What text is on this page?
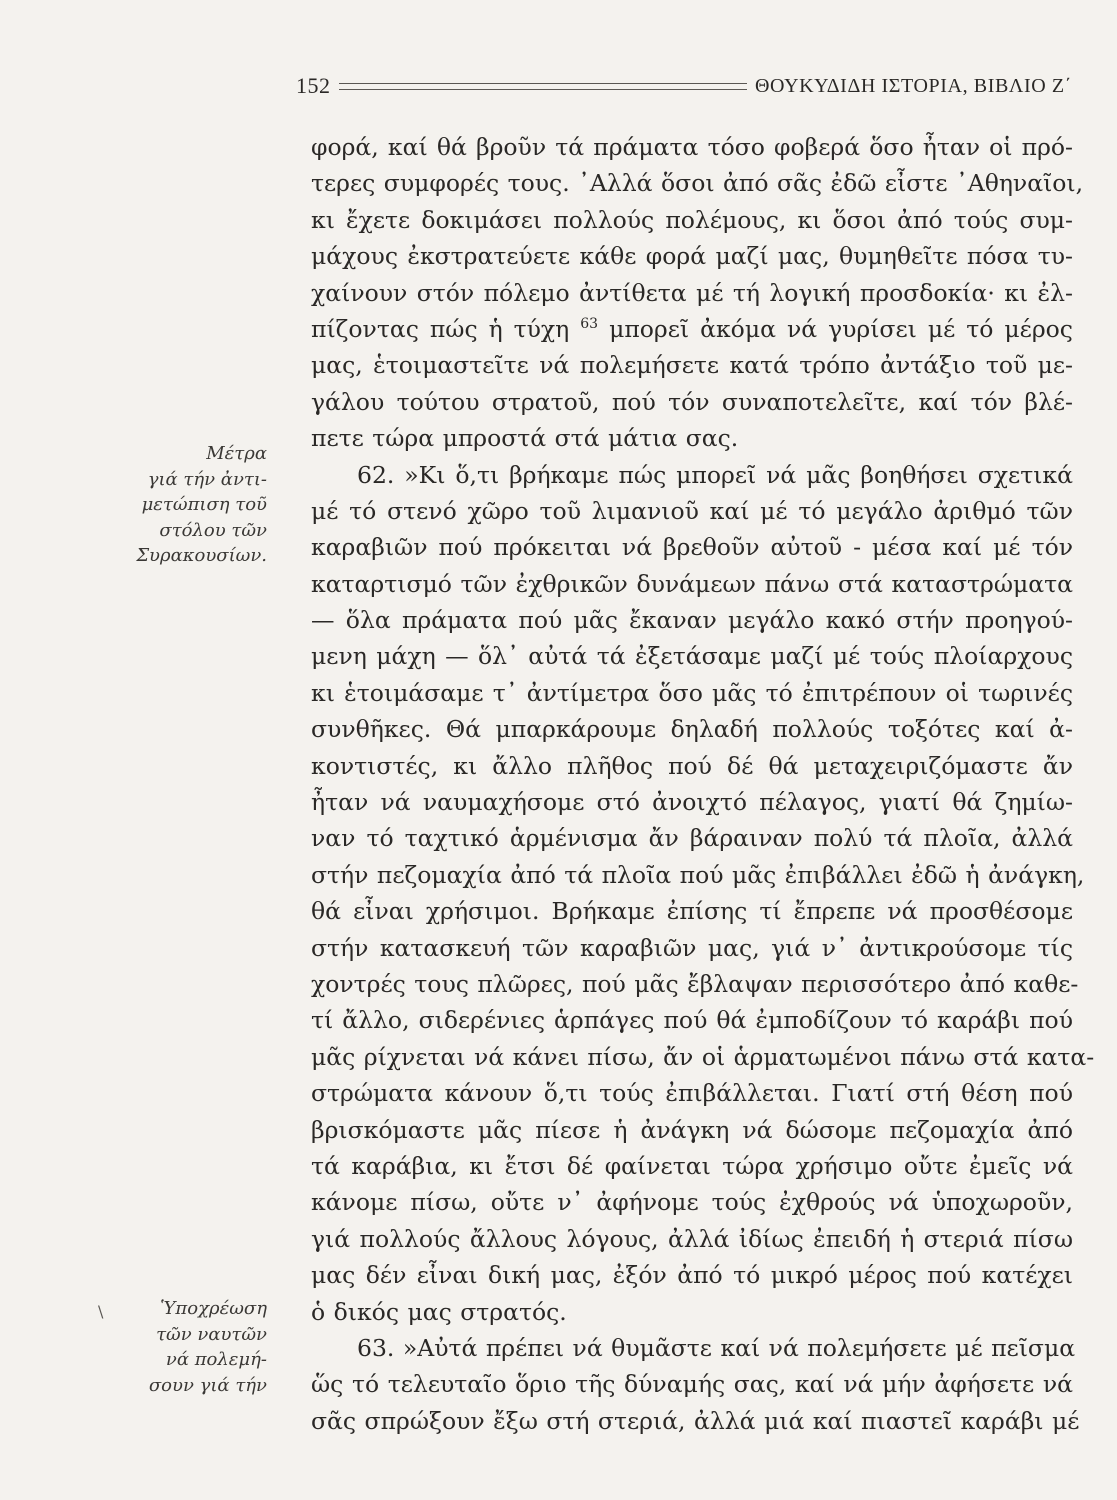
152	ΘΟΥΚΥΔΙΔΗ ΙΣΤΟΡΙΑ, ΒΙΒΛΙΟ Ζ΄
Μέτρα
γιά τήν ἀντι-
μετώπιση τοῦ
στόλου τῶν
Συρακουσίων.
\	Ὑποχρέωση
τῶν ναυτῶν
νά πολεμή-
σουν γιά τήν
φορά, καί θά βροῦν τά πράματα τόσο φοβερά ὅσο ἦταν οἱ πρό-
τερες συμφορές τους. ᾿Αλλά ὅσοι ἀπό σᾶς ἐδῶ εἶστε ᾿Αθηναῖοι,
κι ἔχετε δοκιμάσει πολλούς πολέμους, κι ὅσοι ἀπό τούς συμ-
μάχους ἐκστρατεύετε κάθε φορά μαζί μας, θυμηθεῖτε πόσα τυ-
χαίνουν στόν πόλεμο ἀντίθετα μέ τή λογική προσδοκία· κι ἐλ-
πίζοντας πώς ἡ τύχη $^{63}$ μπορεῖ ἀκόμα νά γυρίσει μέ τό μέρος
μας, ἑτοιμαστεῖτε νά πολεμήσετε κατά τρόπο ἀντάξιο τοῦ με-
γάλου τούτου στρατοῦ, πού τόν συναποτελεῖτε, καί τόν βλέ-
πετε τώρα μπροστά στά μάτια σας.
62. »Κι ὅ,τι βρήκαμε πώς μπορεῖ νά μᾶς βοηθήσει σχετικά
μέ τό στενό χῶρο τοῦ λιμανιοῦ καί μέ τό μεγάλο ἀριθμό τῶν
καραβιῶν πού πρόκειται νά βρεθοῦν αὐτοῦ - μέσα καί μέ τόν
καταρτισμό τῶν ἐχθρικῶν δυνάμεων πάνω στά καταστρώματα
— ὅλα πράματα πού μᾶς ἔκαναν μεγάλο κακό στήν προηγού-
μενη μάχη — ὅλ᾿ αὐτά τά ἐξετάσαμε μαζί μέ τούς πλοίαρχους
κι ἑτοιμάσαμε τ᾿ ἀντίμετρα ὅσο μᾶς τό ἐπιτρέπουν οἱ τωρινές
συνθῆκες. Θά μπαρκάρουμε δηλαδή πολλούς τοξότες καί ἀ-
κοντιστές, κι ἄλλο πλῆθος πού δέ θά μεταχειριζόμαστε ἄν
ἦταν νά ναυμαχήσομε στό ἀνοιχτό πέλαγος, γιατί θά ζημίω-
ναν τό ταχτικό ἁρμένισμα ἄν βάραιναν πολύ τά πλοῖα, ἀλλά
στήν πεζομαχία ἀπό τά πλοῖα πού μᾶς ἐπιβάλλει ἐδῶ ἡ ἀνάγκη,
θά εἶναι χρήσιμοι. Βρήκαμε ἐπίσης τί ἔπρεπε νά προσθέσομε
στήν κατασκευή τῶν καραβιῶν μας, γιά ν᾿ ἀντικρούσομε τίς
χοντρές τους πλῶρες, πού μᾶς ἔβλαψαν περισσότερο ἀπό καθε-
τί ἄλλο, σιδερένιες ἁρπάγες πού θά ἐμποδίζουν τό καράβι πού
μᾶς ρίχνεται νά κάνει πίσω, ἄν οἱ ἁρματωμένοι πάνω στά κατα-
στρώματα κάνουν ὅ,τι τούς ἐπιβάλλεται. Γιατί στή θέση πού
βρισκόμαστε μᾶς πίεσε ἡ ἀνάγκη νά δώσομε πεζομαχία ἀπό
τά καράβια, κι ἔτσι δέ φαίνεται τώρα χρήσιμο οὔτε ἐμεῖς νά
κάνομε πίσω, οὔτε ν᾿ ἀφήνομε τούς ἐχθρούς νά ὑποχωροῦν,
γιά πολλούς ἄλλους λόγους, ἀλλά ἰδίως ἐπειδή ἡ στεριά πίσω
μας δέν εἶναι δική μας, ἐξόν ἀπό τό μικρό μέρος πού κατέχει
ὁ δικός μας στρατός.
63. »Αὐτά πρέπει νά θυμᾶστε καί νά πολεμήσετε μέ πεῖσμα
ὥς τό τελευταῖο ὅριο τῆς δύναμής σας, καί νά μήν ἀφήσετε νά
σᾶς σπρώξουν ἔξω στή στεριά, ἀλλά μιά καί πιαστεῖ καράβι μέ
